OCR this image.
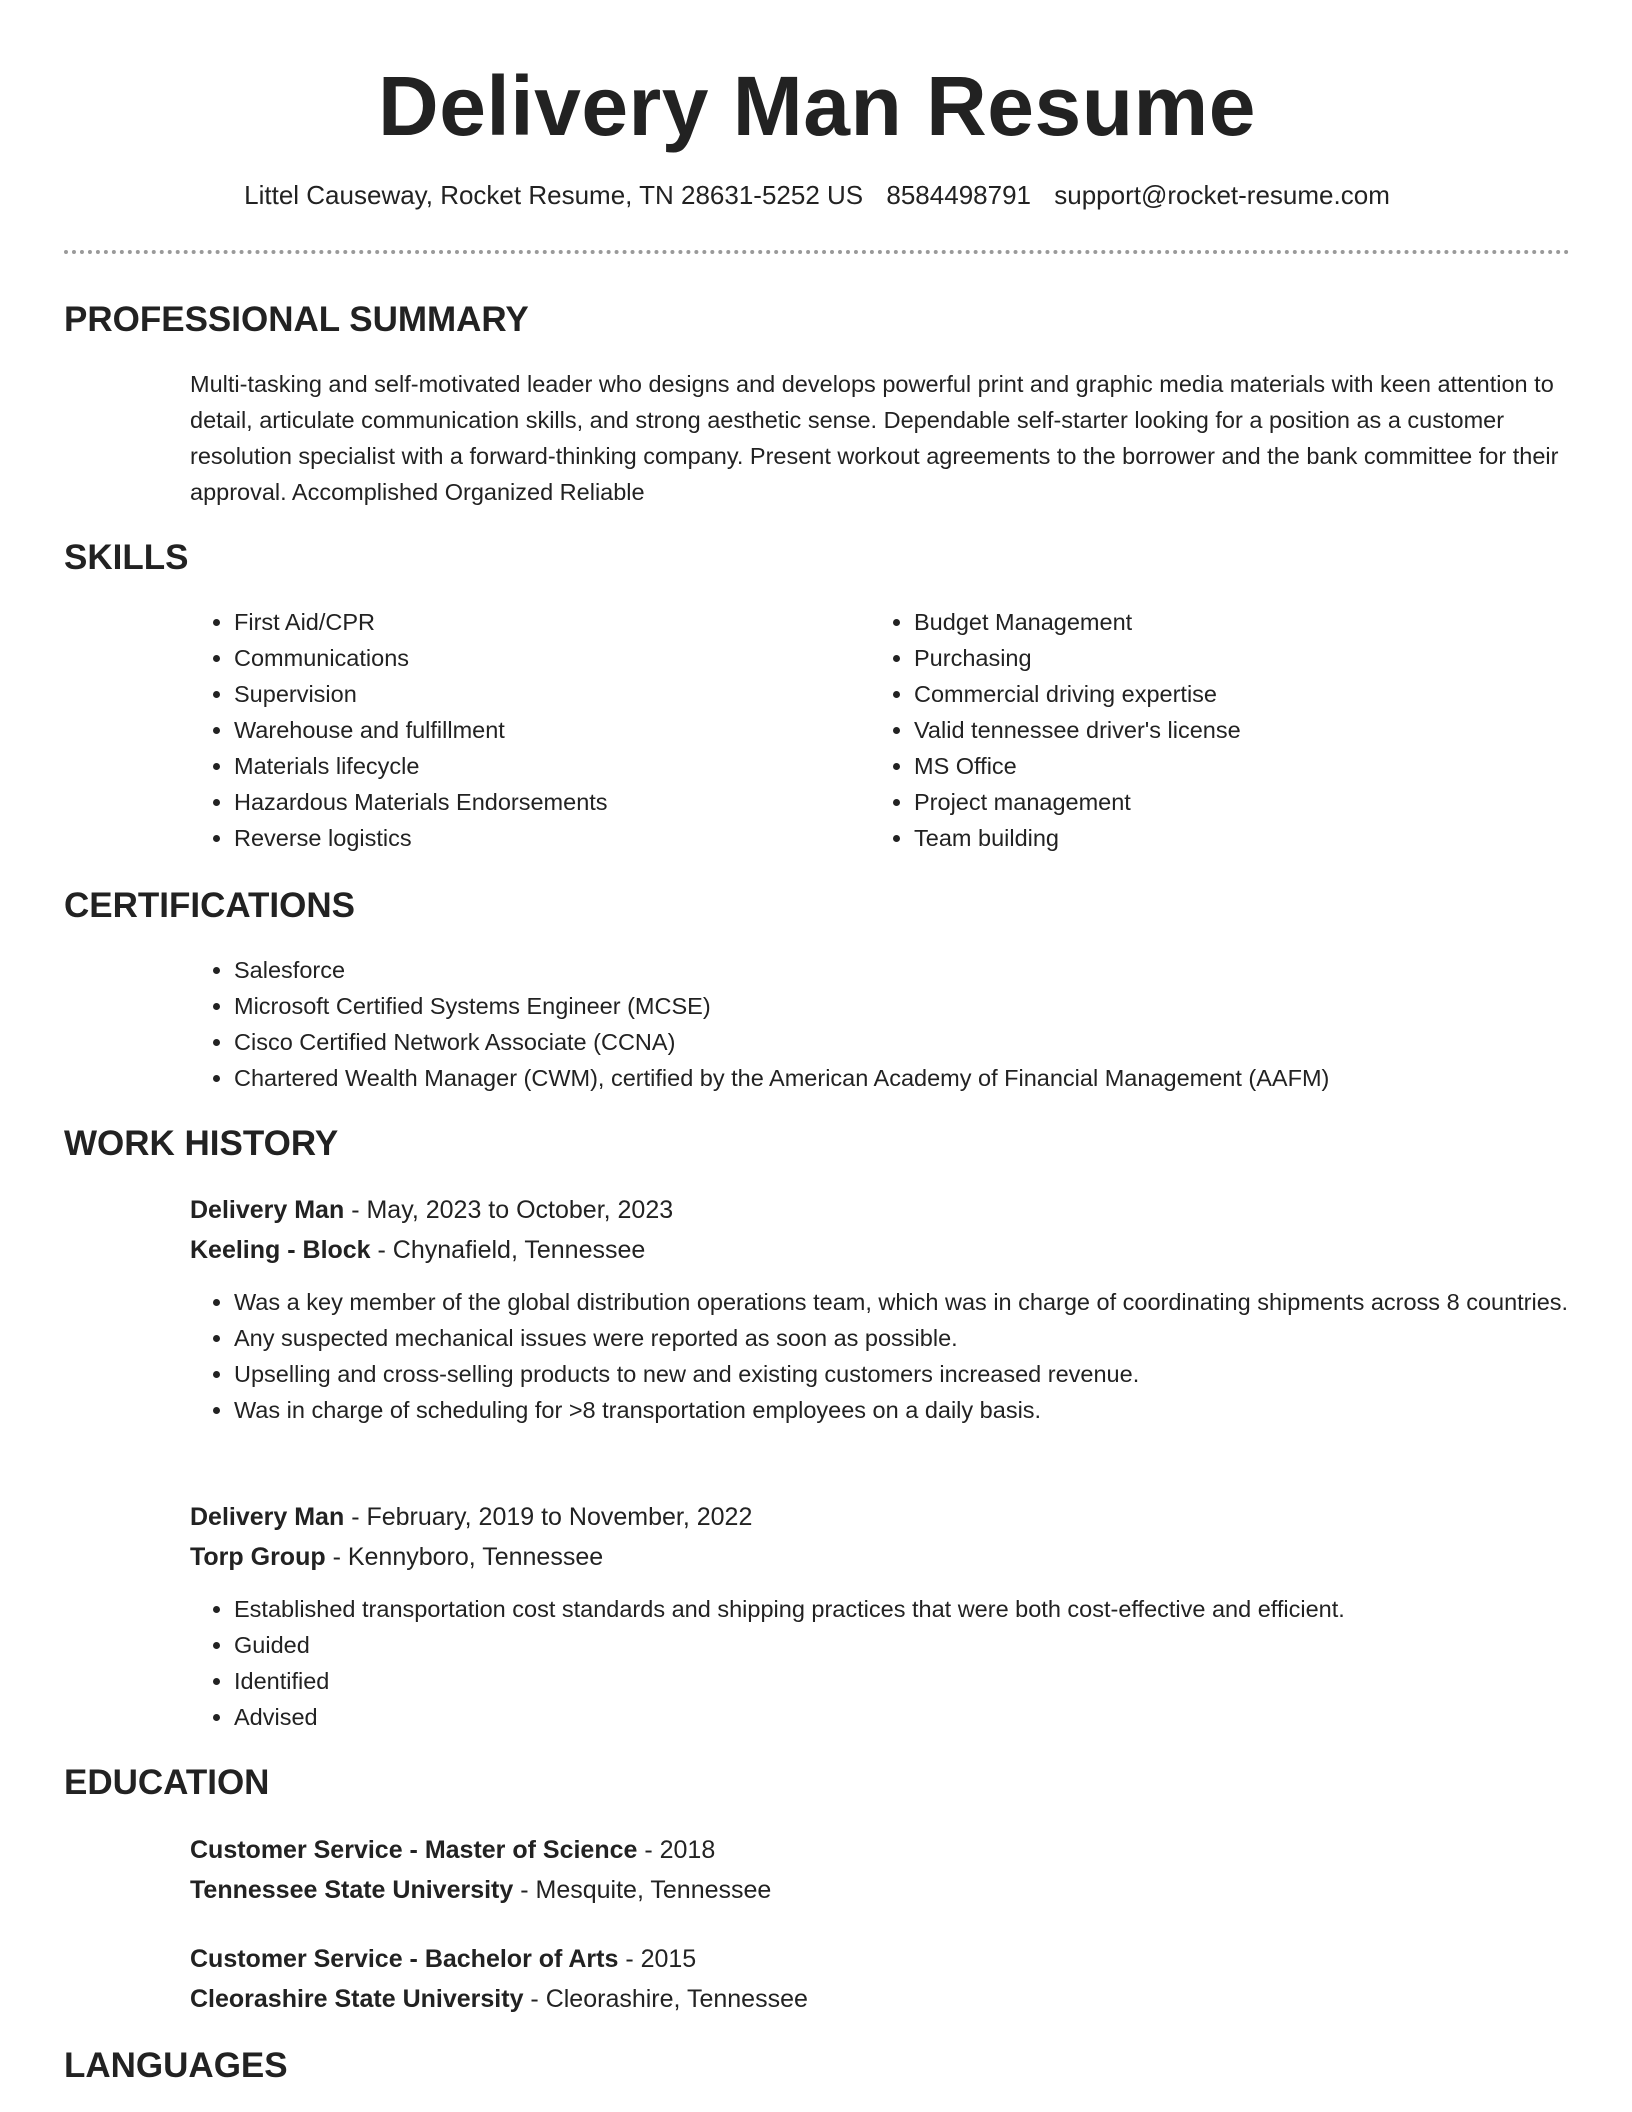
Delivery Man Resume
Littel Causeway, Rocket Resume, TN 28631-5252 US 8584498791 support@rocket-resume.com
PROFESSIONAL SUMMARY
Multi-tasking and self-motivated leader who designs and develops powerful print and graphic media materials with keen attention to detail, articulate communication skills, and strong aesthetic sense. Dependable self-starter looking for a position as a customer resolution specialist with a forward-thinking company. Present workout agreements to the borrower and the bank committee for their approval. Accomplished Organized Reliable
SKILLS
• First Aid/CPR
• Communications
• Supervision
• Warehouse and fulfillment
• Materials lifecycle
• Hazardous Materials Endorsements
• Reverse logistics
• Budget Management
• Purchasing
• Commercial driving expertise
• Valid tennessee driver's license
• MS Office
• Project management
• Team building
CERTIFICATIONS
• Salesforce
• Microsoft Certified Systems Engineer (MCSE)
• Cisco Certified Network Associate (CCNA)
• Chartered Wealth Manager (CWM), certified by the American Academy of Financial Management (AAFM)
WORK HISTORY
Delivery Man - May, 2023 to October, 2023
Keeling - Block - Chynafield, Tennessee
• Was a key member of the global distribution operations team, which was in charge of coordinating shipments across 8 countries.
• Any suspected mechanical issues were reported as soon as possible.
• Upselling and cross-selling products to new and existing customers increased revenue.
• Was in charge of scheduling for >8 transportation employees on a daily basis.
Delivery Man - February, 2019 to November, 2022
Torp Group - Kennyboro, Tennessee
• Established transportation cost standards and shipping practices that were both cost-effective and efficient.
• Guided
• Identified
• Advised
EDUCATION
Customer Service - Master of Science - 2018
Tennessee State University - Mesquite, Tennessee
Customer Service - Bachelor of Arts - 2015
Cleorashire State University - Cleorashire, Tennessee
LANGUAGES
